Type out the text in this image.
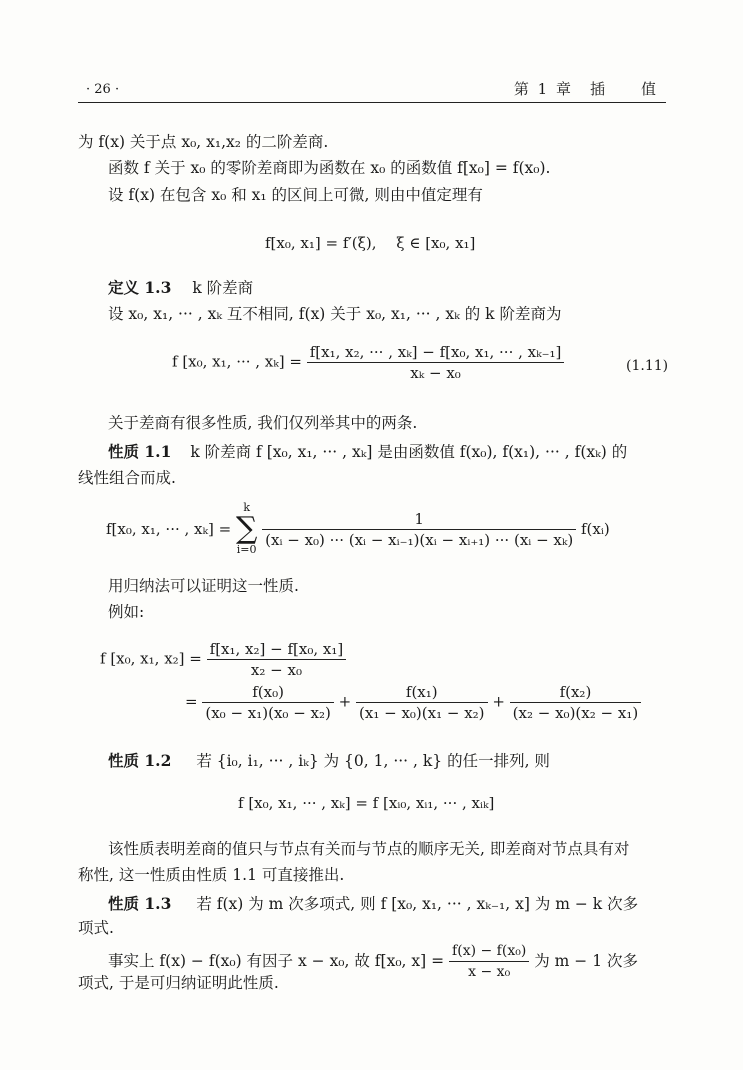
· 26 ·	第 1 章　插　　值
为 f(x) 关于点 x₀, x₁,x₂ 的二阶差商.
函数 f 关于 x₀ 的零阶差商即为函数在 x₀ 的函数值 f[x₀] = f(x₀).
设 f(x) 在包含 x₀ 和 x₁ 的区间上可微, 则由中值定理有
f[x₀, x₁] = f′(ξ),　 ξ ∈ [x₀, x₁]
定义 1.3 k 阶差商
设 x₀, x₁, ··· , xₖ 互不相同, f(x) 关于 x₀, x₁, ··· , xₖ 的 k 阶差商为
f [x₀, x₁, ··· , $x_k] = \frac{\text{f[x₁, x₂, ··· , xₖ] − f[x₀, x₁, ··· , xₖ₋₁]}}{\text{xₖ − x₀}}$	(1.11)
关于差商有很多性质, 我们仅列举其中的两条.
性质 1.1 k 阶差商 f [x₀, x₁, ··· , xₖ] 是由函数值 f(x₀), f(x₁), ··· , f(xₖ) 的
线性组合而成.
f[x₀, x₁, ··· , xₖ] = k
∑
i=0
$\frac{1}{\text{(xᵢ − x₀) ··· (xᵢ − xᵢ₋₁)(xᵢ − xᵢ₊₁) ··· (xᵢ − xₖ)}}$ f(xᵢ)
用归纳法可以证明这一性质.
例如:
f [x₀, x₁, $x_2] = \frac{\text{f[x₁, x₂] − f[x₀, x₁]}}{\text{x₂ − x₀}}$
= $\frac{\text{f(x₀)}}{\text{(x₀ − x₁)(x₀ − x₂)}} + \frac{\text{f(x₁)}}{\text{(x₁ − x₀)(x₁ − x₂)}} + \frac{\text{f(x₂)}}{\text{(x₂ − x₀)(x₂ − x₁)}}$
性质 1.2 若 {i₀, i₁, ··· , iₖ} 为 {0, 1, ··· , k} 的任一排列, 则
f [x₀, x₁, ··· , xₖ] = f [xᵢ₀, xᵢ₁, ··· , xᵢₖ]
该性质表明差商的值只与节点有关而与节点的顺序无关, 即差商对节点具有对
称性, 这一性质由性质 1.1 可直接推出.
性质 1.3 若 f(x) 为 m 次多项式, 则 f [x₀, x₁, ··· , xₖ₋₁, x] 为 m − k 次多
项式.
事实上 f(x) − f(x₀) 有因子 x − x₀, 故 f[x₀, $x] = \frac{\text{f(x) − f(x₀)}}{\text{x − x₀}}$ 为 m − 1 次多
项式, 于是可归纳证明此性质.
